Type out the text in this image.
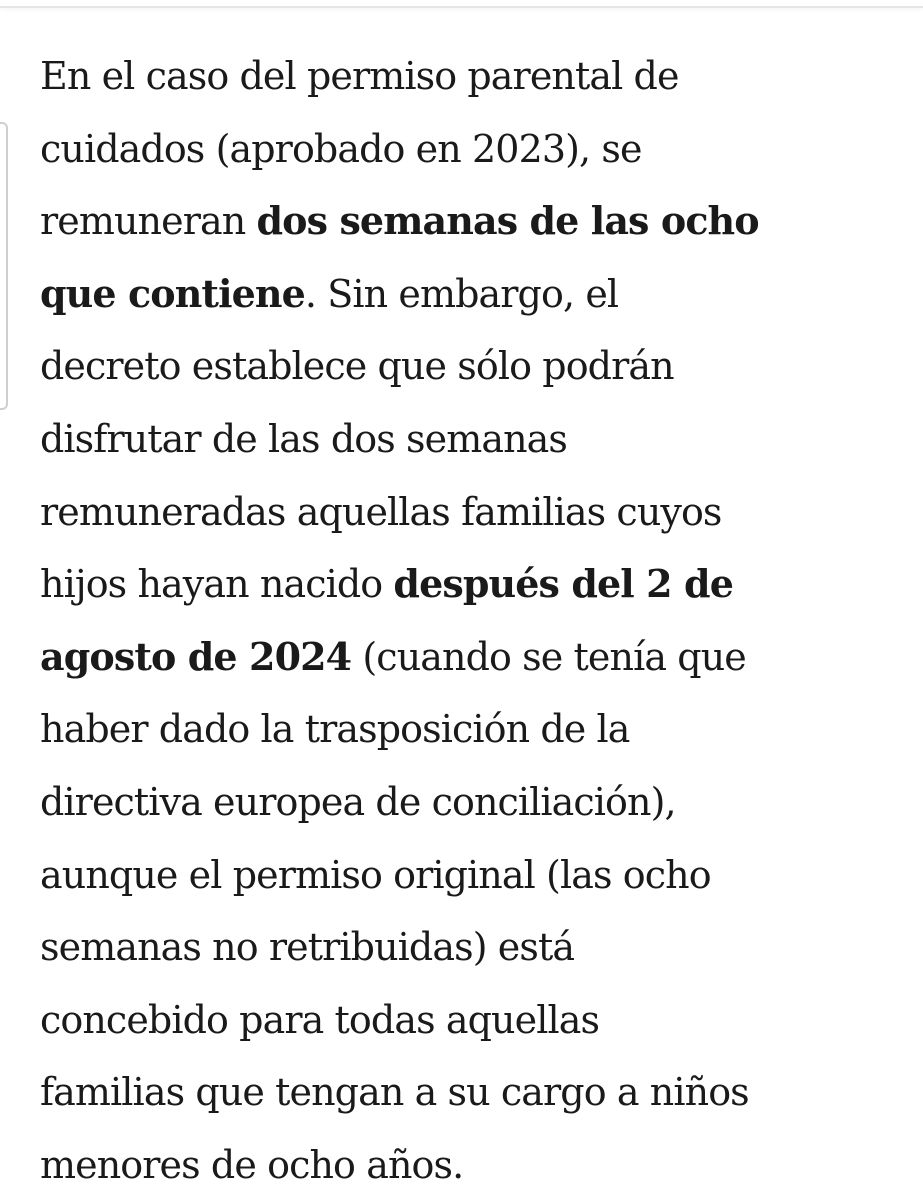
En el caso del permiso parental de
cuidados (aprobado en 2023), se
remuneran dos semanas de las ocho
que contiene. Sin embargo, el
decreto establece que sólo podrán
disfrutar de las dos semanas
remuneradas aquellas familias cuyos
hijos hayan nacido después del 2 de
agosto de 2024 (cuando se tenía que
haber dado la trasposición de la
directiva europea de conciliación),
aunque el permiso original (las ocho
semanas no retribuidas) está
concebido para todas aquellas
familias que tengan a su cargo a niños
menores de ocho años.
